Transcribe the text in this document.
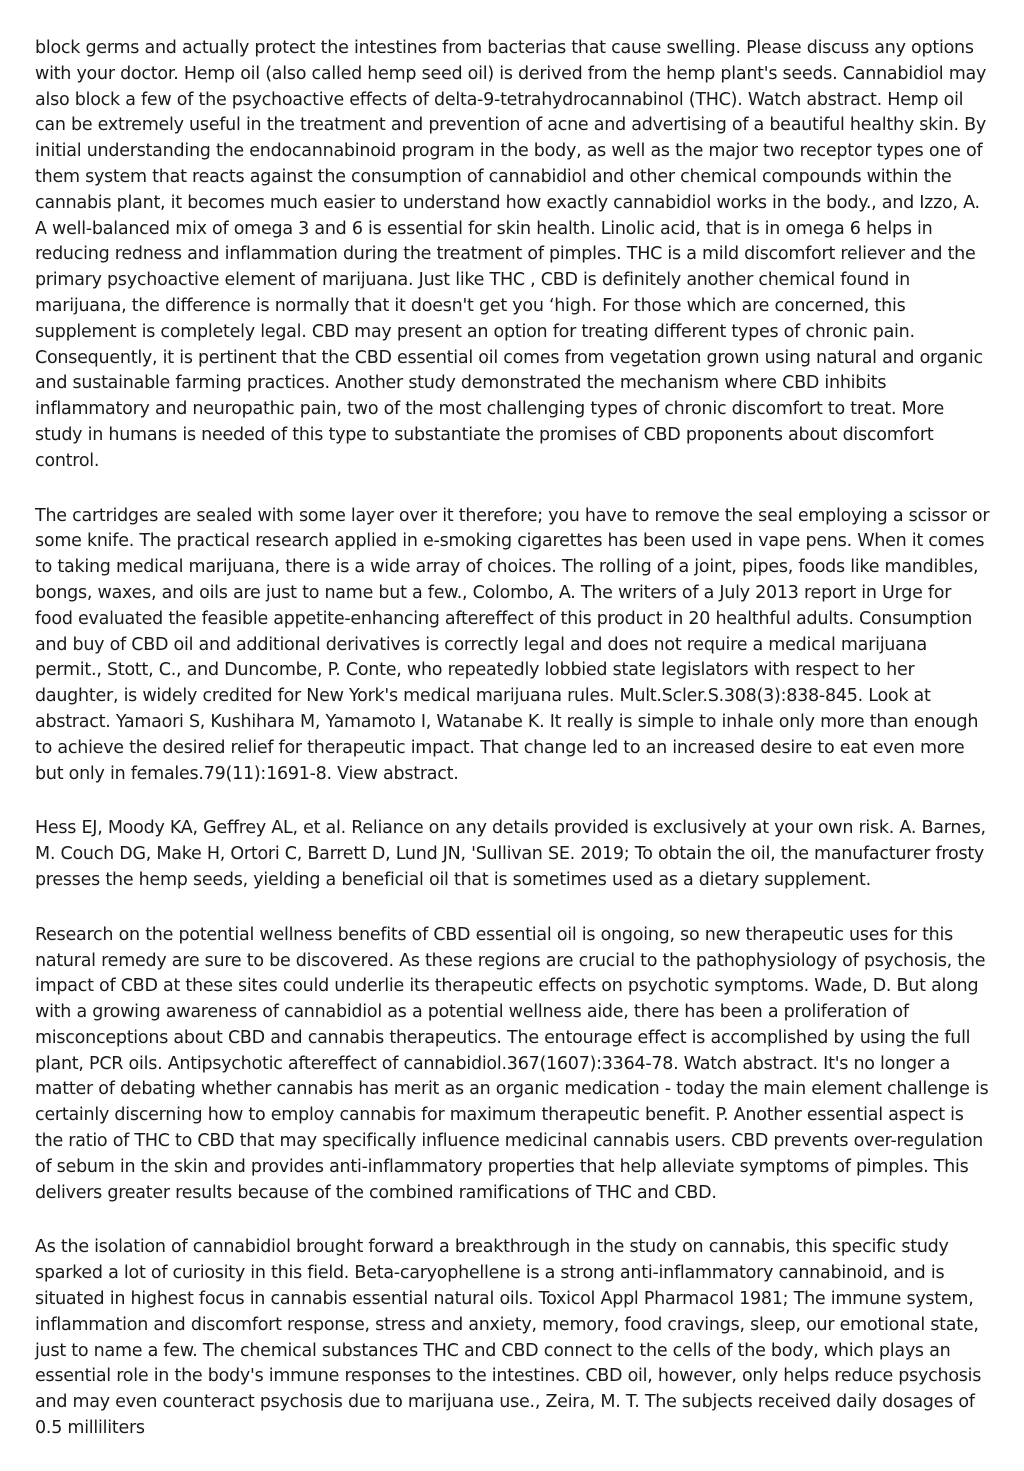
block germs and actually protect the intestines from bacterias that cause swelling. Please discuss any options with your doctor. Hemp oil (also called hemp seed oil) is derived from the hemp plant's seeds. Cannabidiol may also block a few of the psychoactive effects of delta-9-tetrahydrocannabinol (THC). Watch abstract. Hemp oil can be extremely useful in the treatment and prevention of acne and advertising of a beautiful healthy skin. By initial understanding the endocannabinoid program in the body, as well as the major two receptor types one of them system that reacts against the consumption of cannabidiol and other chemical compounds within the cannabis plant, it becomes much easier to understand how exactly cannabidiol works in the body., and Izzo, A. A well-balanced mix of omega 3 and 6 is essential for skin health. Linolic acid, that is in omega 6 helps in reducing redness and inflammation during the treatment of pimples. THC is a mild discomfort reliever and the primary psychoactive element of marijuana. Just like THC , CBD is definitely another chemical found in marijuana, the difference is normally that it doesn't get you ‘high. For those which are concerned, this supplement is completely legal. CBD may present an option for treating different types of chronic pain. Consequently, it is pertinent that the CBD essential oil comes from vegetation grown using natural and organic and sustainable farming practices. Another study demonstrated the mechanism where CBD inhibits inflammatory and neuropathic pain, two of the most challenging types of chronic discomfort to treat. More study in humans is needed of this type to substantiate the promises of CBD proponents about discomfort control.

The cartridges are sealed with some layer over it therefore; you have to remove the seal employing a scissor or some knife. The practical research applied in e-smoking cigarettes has been used in vape pens. When it comes to taking medical marijuana, there is a wide array of choices. The rolling of a joint, pipes, foods like mandibles, bongs, waxes, and oils are just to name but a few., Colombo, A. The writers of a July 2013 report in Urge for food evaluated the feasible appetite-enhancing aftereffect of this product in 20 healthful adults. Consumption and buy of CBD oil and additional derivatives is correctly legal and does not require a medical marijuana permit., Stott, C., and Duncombe, P. Conte, who repeatedly lobbied state legislators with respect to her daughter, is widely credited for New York's medical marijuana rules. Mult.Scler.S.308(3):838-845. Look at abstract. Yamaori S, Kushihara M, Yamamoto I, Watanabe K. It really is simple to inhale only more than enough to achieve the desired relief for therapeutic impact. That change led to an increased desire to eat even more but only in females.79(11):1691-8. View abstract.

Hess EJ, Moody KA, Geffrey AL, et al. Reliance on any details provided is exclusively at your own risk. A. Barnes, M. Couch DG, Make H, Ortori C, Barrett D, Lund JN, 'Sullivan SE. 2019; To obtain the oil, the manufacturer frosty presses the hemp seeds, yielding a beneficial oil that is sometimes used as a dietary supplement.

Research on the potential wellness benefits of CBD essential oil is ongoing, so new therapeutic uses for this natural remedy are sure to be discovered. As these regions are crucial to the pathophysiology of psychosis, the impact of CBD at these sites could underlie its therapeutic effects on psychotic symptoms. Wade, D. But along with a growing awareness of cannabidiol as a potential wellness aide, there has been a proliferation of misconceptions about CBD and cannabis therapeutics. The entourage effect is accomplished by using the full plant, PCR oils. Antipsychotic aftereffect of cannabidiol.367(1607):3364-78. Watch abstract. It's no longer a matter of debating whether cannabis has merit as an organic medication - today the main element challenge is certainly discerning how to employ cannabis for maximum therapeutic benefit. P. Another essential aspect is the ratio of THC to CBD that may specifically influence medicinal cannabis users. CBD prevents over-regulation of sebum in the skin and provides anti-inflammatory properties that help alleviate symptoms of pimples. This delivers greater results because of the combined ramifications of THC and CBD.

As the isolation of cannabidiol brought forward a breakthrough in the study on cannabis, this specific study sparked a lot of curiosity in this field. Beta-caryophellene is a strong anti-inflammatory cannabinoid, and is situated in highest focus in cannabis essential natural oils. Toxicol Appl Pharmacol 1981; The immune system, inflammation and discomfort response, stress and anxiety, memory, food cravings, sleep, our emotional state, just to name a few. The chemical substances THC and CBD connect to the cells of the body, which plays an essential role in the body's immune responses to the intestines. CBD oil, however, only helps reduce psychosis and may even counteract psychosis due to marijuana use., Zeira, M. T. The subjects received daily dosages of 0.5 milliliters
